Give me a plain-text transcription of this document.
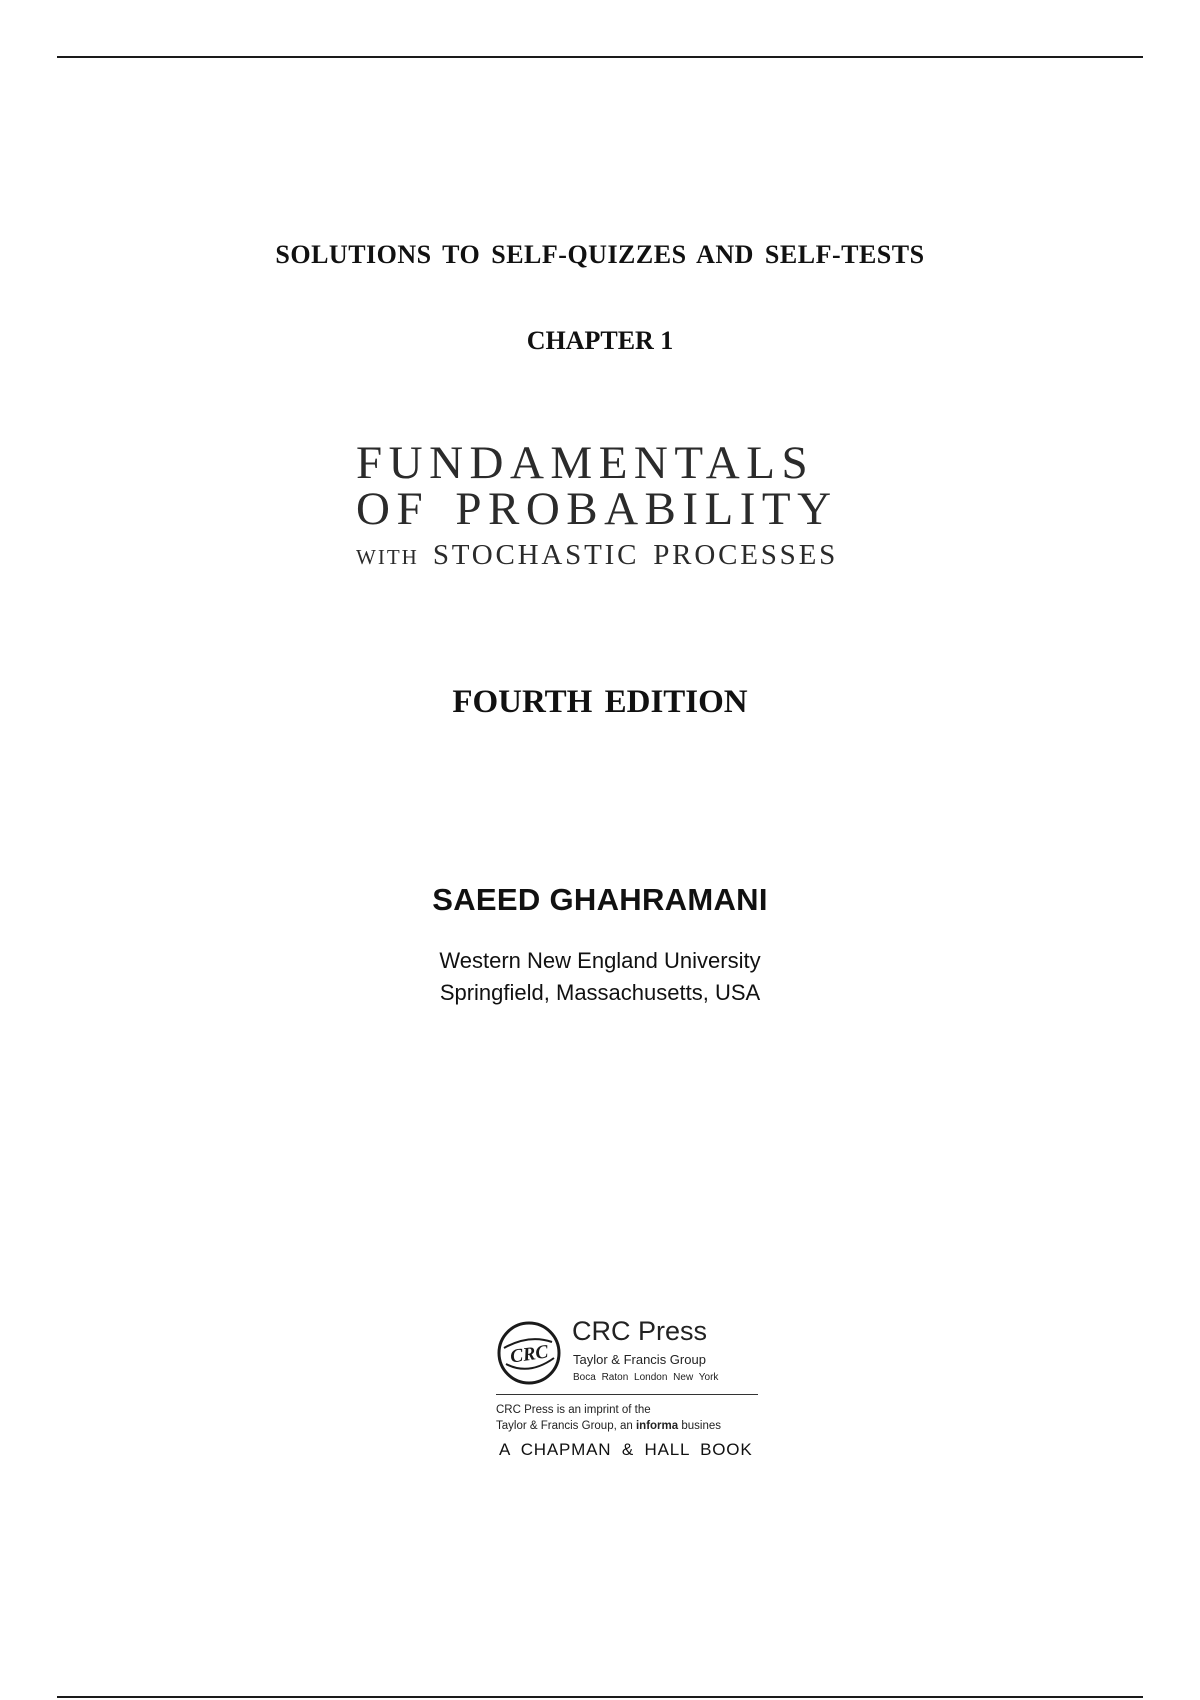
SOLUTIONS TO SELF-QUIZZES AND SELF-TESTS
CHAPTER 1
FUNDAMENTALS
OF PROBABILITY
WITH STOCHASTIC PROCESSES
FOURTH EDITION
SAEED GHAHRAMANI
Western New England University
Springfield, Massachusetts, USA
CRC
CRC Press
Taylor & Francis Group
Boca Raton London New York
CRC Press is an imprint of the
Taylor & Francis Group, an informa busines
A CHAPMAN & HALL BOOK
